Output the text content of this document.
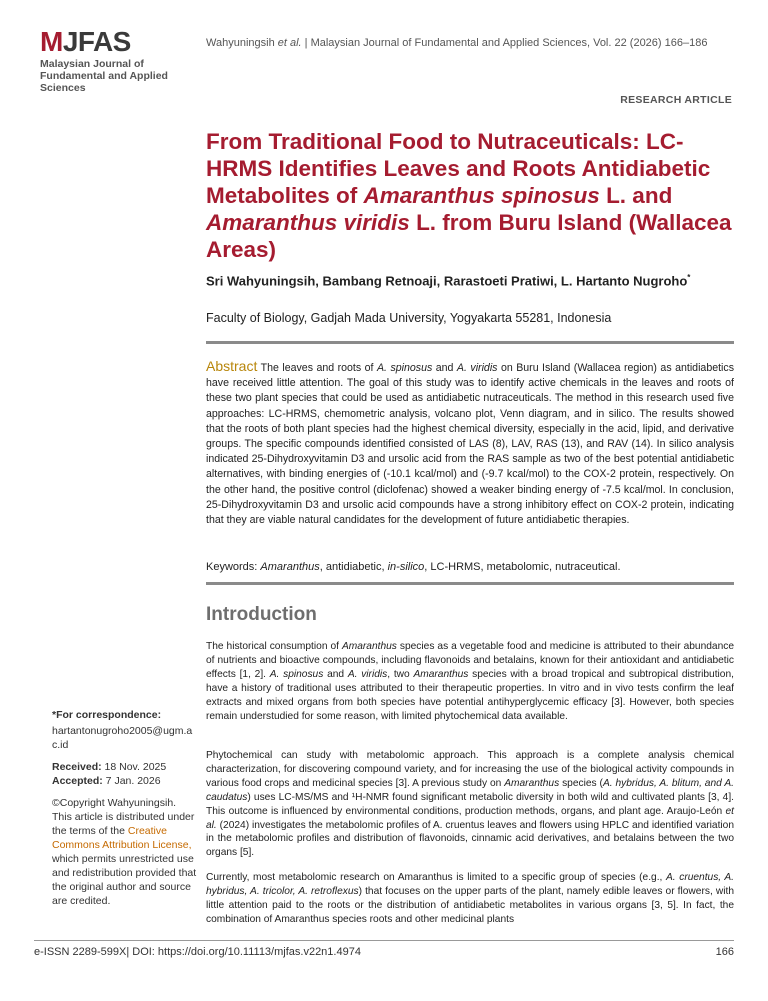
MJFAS
Malaysian Journal of
Fundamental and Applied
Sciences
Wahyuningsih et al. | Malaysian Journal of Fundamental and Applied Sciences, Vol. 22 (2026) 166–186
RESEARCH ARTICLE
From Traditional Food to Nutraceuticals: LC-HRMS Identifies Leaves and Roots Antidiabetic Metabolites of Amaranthus spinosus L. and Amaranthus viridis L. from Buru Island (Wallacea Areas)
Sri Wahyuningsih, Bambang Retnoaji, Rarastoeti Pratiwi, L. Hartanto Nugroho*
Faculty of Biology, Gadjah Mada University, Yogyakarta 55281, Indonesia
Abstract The leaves and roots of A. spinosus and A. viridis on Buru Island (Wallacea region) as antidiabetics have received little attention. The goal of this study was to identify active chemicals in the leaves and roots of these two plant species that could be used as antidiabetic nutraceuticals. The method in this research used five approaches: LC-HRMS, chemometric analysis, volcano plot, Venn diagram, and in silico. The results showed that the roots of both plant species had the highest chemical diversity, especially in the acid, lipid, and derivative groups. The specific compounds identified consisted of LAS (8), LAV, RAS (13), and RAV (14). In silico analysis indicated 25-Dihydroxyvitamin D3 and ursolic acid from the RAS sample as two of the best potential antidiabetic alternatives, with binding energies of (-10.1 kcal/mol) and (-9.7 kcal/mol) to the COX-2 protein, respectively. On the other hand, the positive control (diclofenac) showed a weaker binding energy of -7.5 kcal/mol. In conclusion, 25-Dihydroxyvitamin D3 and ursolic acid compounds have a strong inhibitory effect on COX-2 protein, indicating that they are viable natural candidates for the development of future antidiabetic therapies.
Keywords: Amaranthus, antidiabetic, in-silico, LC-HRMS, metabolomic, nutraceutical.
Introduction

The historical consumption of Amaranthus species as a vegetable food and medicine is attributed to their abundance of nutrients and bioactive compounds, including flavonoids and betalains, known for their antioxidant and antidiabetic effects [1, 2]. A. spinosus and A. viridis, two Amaranthus species with a broad tropical and subtropical distribution, have a history of traditional uses attributed to their therapeutic properties. In vitro and in vivo tests confirm the leaf extracts and mixed organs from both species have potential antihyperglycemic efficacy [3]. However, both species remain understudied for some reason, with limited phytochemical data available.

Phytochemical can study with metabolomic approach. This approach is a complete analysis chemical characterization, for discovering compound variety, and for increasing the use of the biological activity compounds in various food crops and medicinal species [3]. A previous study on Amaranthus species (A. hybridus, A. blitum, and A. caudatus) uses LC-MS/MS and ¹H-NMR found significant metabolic diversity in both wild and cultivated plants [3, 4]. This outcome is influenced by environmental conditions, production methods, organs, and plant age. Araujo-León et al. (2024) investigates the metabolomic profiles of A. cruentus leaves and flowers using HPLC and identified variation in the metabolomic profiles and distribution of flavonoids, cinnamic acid derivatives, and betalains between the two organs [5].

Currently, most metabolomic research on Amaranthus is limited to a specific group of species (e.g., A. cruentus, A. hybridus, A. tricolor, A. retroflexus) that focuses on the upper parts of the plant, namely edible leaves or flowers, with little attention paid to the roots or the distribution of antidiabetic metabolites in various organs [3, 5]. In fact, the combination of Amaranthus species roots and other medicinal plants

*For correspondence:
hartantonugroho2005@ugm.ac.id
Received: 18 Nov. 2025
Accepted: 7 Jan. 2026
©Copyright Wahyuningsih. This article is distributed under the terms of the Creative Commons Attribution License, which permits unrestricted use and redistribution provided that the original author and source are credited.
e-ISSN 2289-599X| DOI: https://doi.org/10.11113/mjfas.v22n1.4974	166
